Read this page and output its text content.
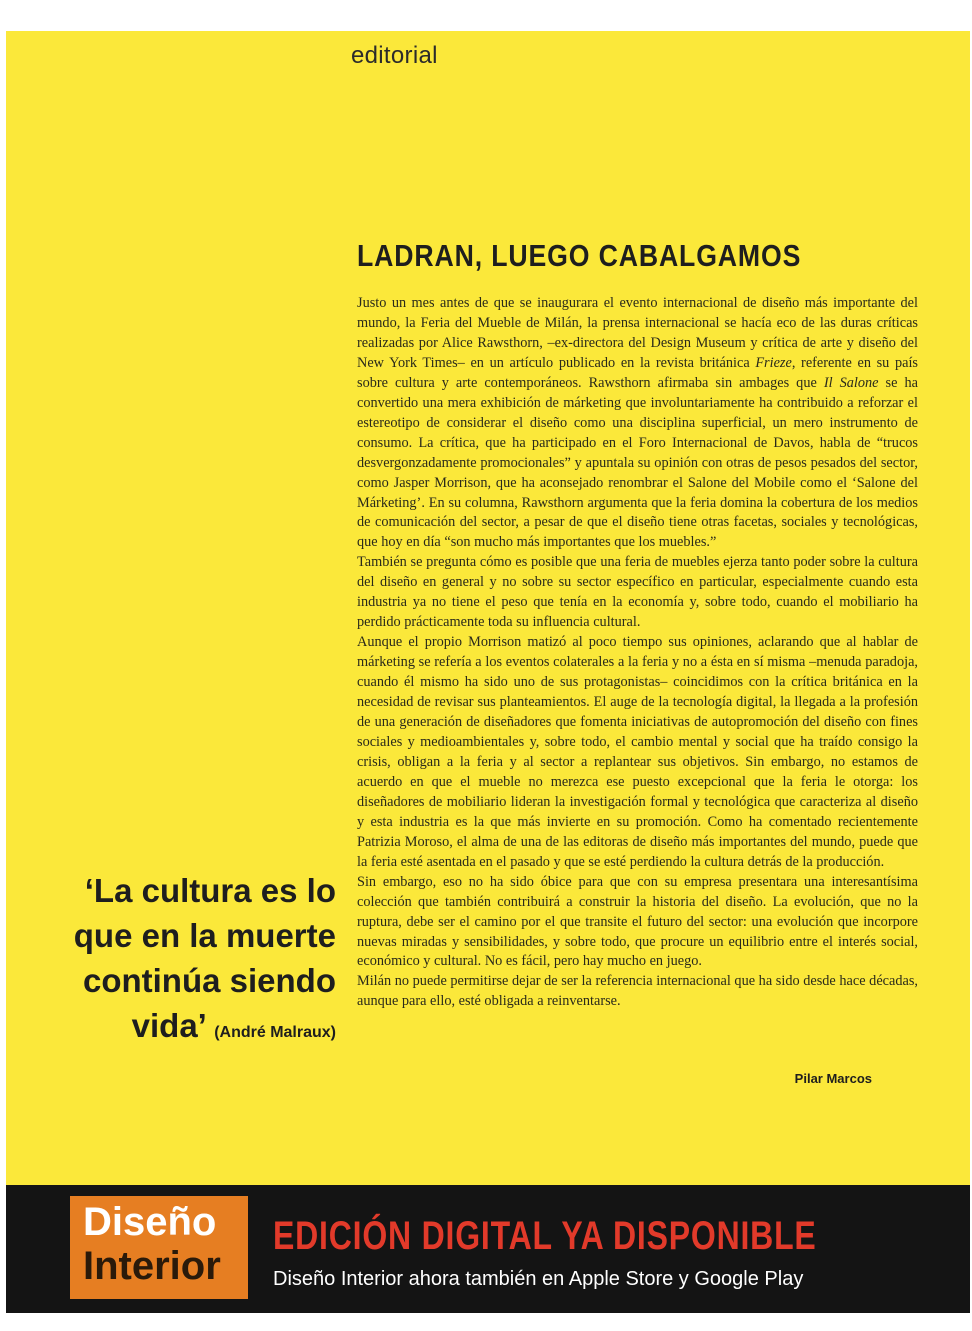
editorial
LADRAN, LUEGO CABALGAMOS

Justo un mes antes de que se inaugurara el evento internacional de diseño más importante del mundo, la Feria del Mueble de Milán, la prensa internacional se hacía eco de las duras críticas realizadas por Alice Rawsthorn, –ex-directora del Design Museum y crítica de arte y diseño del New York Times– en un artículo publicado en la revista británica Frieze, referente en su país sobre cultura y arte contemporáneos. Rawsthorn afirmaba sin ambages que Il Salone se ha convertido una mera exhibición de márketing que involuntariamente ha contribuido a reforzar el estereotipo de considerar el diseño como una disciplina superficial, un mero instrumento de consumo. La crítica, que ha participado en el Foro Internacional de Davos, habla de “trucos desvergonzadamente promocionales” y apuntala su opinión con otras de pesos pesados del sector, como Jasper Morrison, que ha aconsejado renombrar el Salone del Mobile como el ‘Salone del Márketing’. En su columna, Rawsthorn argumenta que la feria domina la cobertura de los medios de comunicación del sector, a pesar de que el diseño tiene otras facetas, sociales y tecnológicas, que hoy en día “son mucho más importantes que los muebles.”

También se pregunta cómo es posible que una feria de muebles ejerza tanto poder sobre la cultura del diseño en general y no sobre su sector específico en particular, especialmente cuando esta industria ya no tiene el peso que tenía en la economía y, sobre todo, cuando el mobiliario ha perdido prácticamente toda su influencia cultural.

Aunque el propio Morrison matizó al poco tiempo sus opiniones, aclarando que al hablar de márketing se refería a los eventos colaterales a la feria y no a ésta en sí misma –menuda paradoja, cuando él mismo ha sido uno de sus protagonistas– coincidimos con la crítica británica en la necesidad de revisar sus planteamientos. El auge de la tecnología digital, la llegada a la profesión de una generación de diseñadores que fomenta iniciativas de autopromoción del diseño con fines sociales y medioambientales y, sobre todo, el cambio mental y social que ha traído consigo la crisis, obligan a la feria y al sector a replantear sus objetivos. Sin embargo, no estamos de acuerdo en que el mueble no merezca ese puesto excepcional que la feria le otorga: los diseñadores de mobiliario lideran la investigación formal y tecnológica que caracteriza al diseño y esta industria es la que más invierte en su promoción. Como ha comentado recientemente Patrizia Moroso, el alma de una de las editoras de diseño más importantes del mundo, puede que la feria esté asentada en el pasado y que se esté perdiendo la cultura detrás de la producción.

Sin embargo, eso no ha sido óbice para que con su empresa presentara una interesantísima colección que también contribuirá a construir la historia del diseño. La evolución, que no la ruptura, debe ser el camino por el que transite el futuro del sector: una evolución que incorpore nuevas miradas y sensibilidades, y sobre todo, que procure un equilibrio entre el interés social, económico y cultural. No es fácil, pero hay mucho en juego.

Milán no puede permitirse dejar de ser la referencia internacional que ha sido desde hace décadas, aunque para ello, esté obligada a reinventarse.

‘La cultura es lo que en la muerte continúa siendo vida’ (André Malraux)
Pilar Marcos
Diseño
Interior
EDICIÓN DIGITAL YA DISPONIBLE
Diseño Interior ahora también en Apple Store y Google Play
